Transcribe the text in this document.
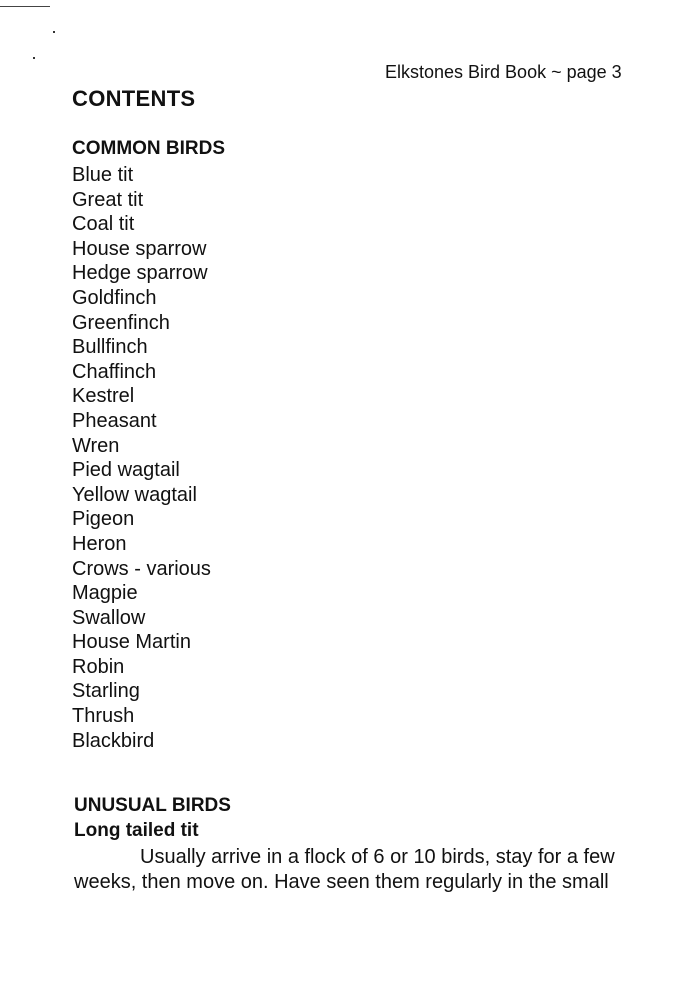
Elkstones Bird Book ~ page 3
CONTENTS
COMMON BIRDS
Blue tit
Great tit
Coal tit
House sparrow
Hedge sparrow
Goldfinch
Greenfinch
Bullfinch
Chaffinch
Kestrel
Pheasant
Wren
Pied wagtail
Yellow wagtail
Pigeon
Heron
Crows - various
Magpie
Swallow
House Martin
Robin
Starling
Thrush
Blackbird
UNUSUAL BIRDS
Long tailed tit

Usually arrive in a flock of 6 or 10 birds, stay for a few weeks, then move on. Have seen them regularly in the small
